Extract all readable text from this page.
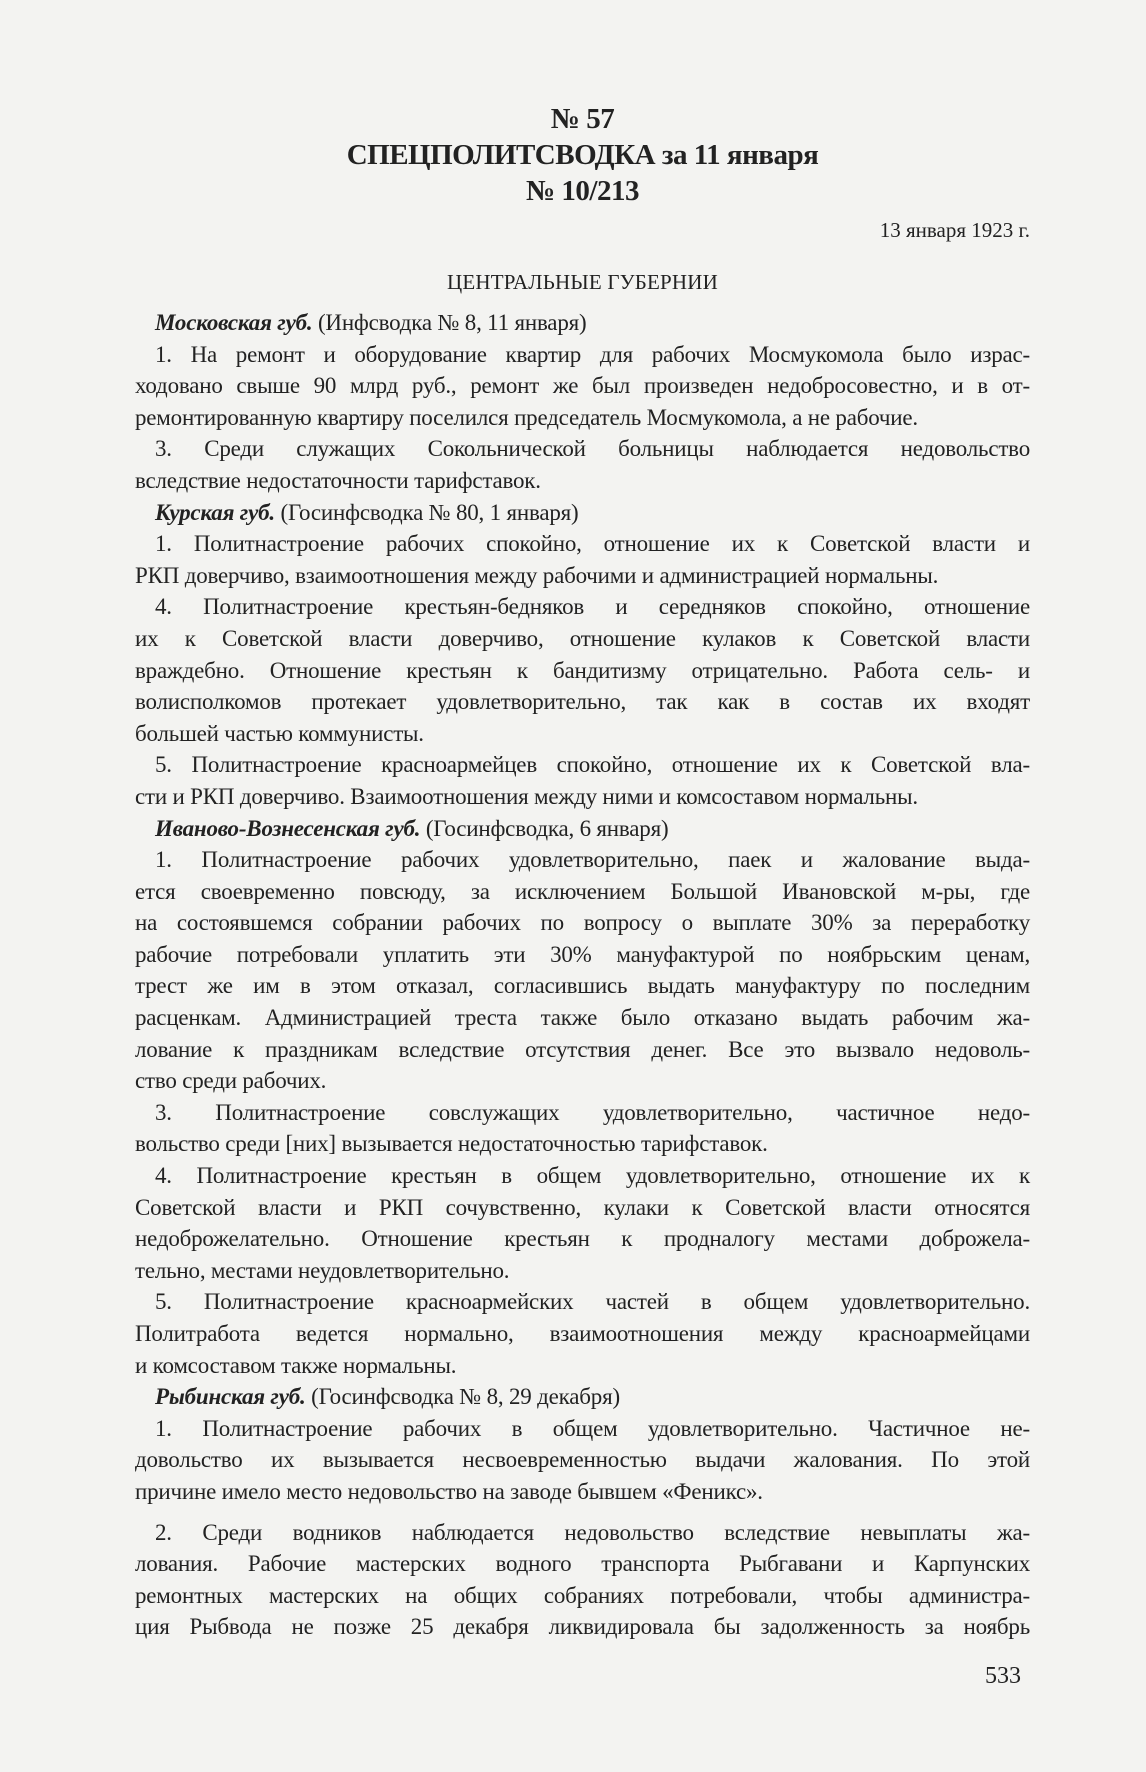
№ 57
СПЕЦПОЛИТСВОДКА за 11 января
№ 10/213
13 января 1923 г.
ЦЕНТРАЛЬНЫЕ ГУБЕРНИИ
Московская губ. (Инфсводка № 8, 11 января)
1. На ремонт и оборудование квартир для рабочих Мосмукомола было израс-
ходовано свыше 90 млрд руб., ремонт же был произведен недобросовестно, и в от-
ремонтированную квартиру поселился председатель Мосмукомола, а не рабочие.
3. Среди служащих Сокольнической больницы наблюдается недовольство
вследствие недостаточности тарифставок.
Курская губ. (Госинфсводка № 80, 1 января)
1. Политнастроение рабочих спокойно, отношение их к Советской власти и
РКП доверчиво, взаимоотношения между рабочими и администрацией нормальны.
4. Политнастроение крестьян-бедняков и середняков спокойно, отношение
их к Советской власти доверчиво, отношение кулаков к Советской власти
враждебно. Отношение крестьян к бандитизму отрицательно. Работа сель- и
волисполкомов протекает удовлетворительно, так как в состав их входят
большей частью коммунисты.
5. Политнастроение красноармейцев спокойно, отношение их к Советской вла-
сти и РКП доверчиво. Взаимоотношения между ними и комсоставом нормальны.
Иваново-Вознесенская губ. (Госинфсводка, 6 января)
1. Политнастроение рабочих удовлетворительно, паек и жалование выда-
ется своевременно повсюду, за исключением Большой Ивановской м-ры, где
на состоявшемся собрании рабочих по вопросу о выплате 30% за переработку
рабочие потребовали уплатить эти 30% мануфактурой по ноябрьским ценам,
трест же им в этом отказал, согласившись выдать мануфактуру по последним
расценкам. Администрацией треста также было отказано выдать рабочим жа-
лование к праздникам вследствие отсутствия денег. Все это вызвало недоволь-
ство среди рабочих.
3. Политнастроение совслужащих удовлетворительно, частичное недо-
вольство среди [них] вызывается недостаточностью тарифставок.
4. Политнастроение крестьян в общем удовлетворительно, отношение их к
Советской власти и РКП сочувственно, кулаки к Советской власти относятся
недоброжелательно. Отношение крестьян к продналогу местами доброжела-
тельно, местами неудовлетворительно.
5. Политнастроение красноармейских частей в общем удовлетворительно.
Политработа ведется нормально, взаимоотношения между красноармейцами
и комсоставом также нормальны.
Рыбинская губ. (Госинфсводка № 8, 29 декабря)
1. Политнастроение рабочих в общем удовлетворительно. Частичное не-
довольство их вызывается несвоевременностью выдачи жалования. По этой
причине имело место недовольство на заводе бывшем «Феникс».
2. Среди водников наблюдается недовольство вследствие невыплаты жа-
лования. Рабочие мастерских водного транспорта Рыбгавани и Карпунских
ремонтных мастерских на общих собраниях потребовали, чтобы администра-
ция Рыбвода не позже 25 декабря ликвидировала бы задолженность за ноябрь
533
